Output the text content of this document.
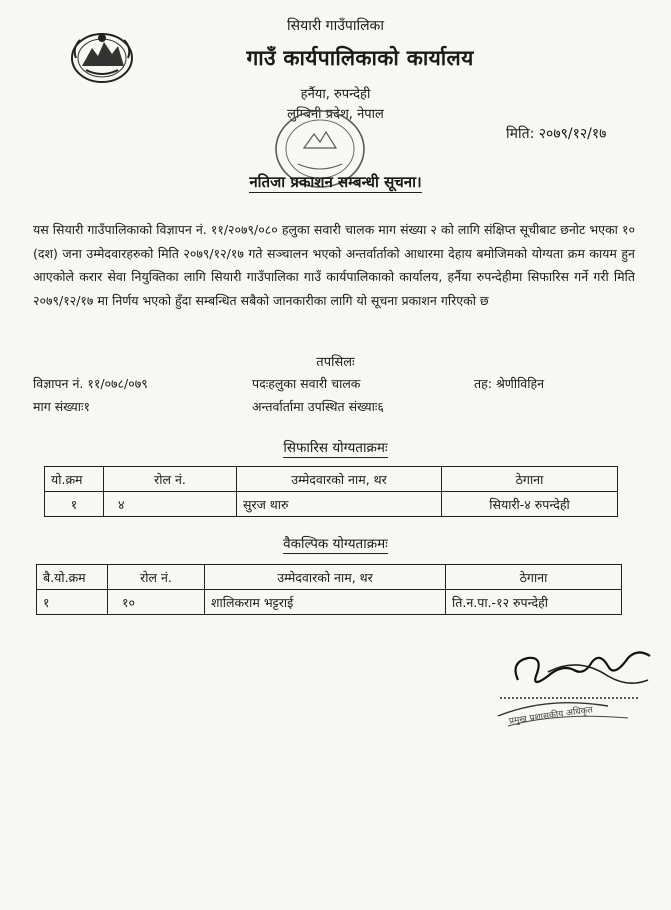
सियारी गाउँपालिका
गाउँ कार्यपालिकाको कार्यालय
हर्नैया, रुपन्देही
लुम्बिनी प्रदेश, नेपाल
मिति: २०७९/१२/१७
नतिजा प्रकाशन सम्बन्धी सूचना।
यस सियारी गाउँपालिकाको विज्ञापन नं. ११/२०७९/०८० हलुका सवारी चालक माग संख्या २ को लागि संक्षिप्त सूचीबाट छनोट भएका १० (दश) जना उम्मेदवारहरुको मिति २०७९/१२/१७ गते सञ्चालन भएको अन्तर्वार्ताको आधारमा देहाय बमोजिमको योग्यता क्रम कायम हुन आएकोले करार सेवा नियुक्तिका लागि सियारी गाउँपालिका गाउँ कार्यपालिकाको कार्यालय, हर्नैया रुपन्देहीमा सिफारिस गर्ने गरी मिति २०७९/१२/१७ मा निर्णय भएको हुँदा सम्बन्धित सबैको जानकारीका लागि यो सूचना प्रकाशन गरिएको छ
तपसिलः
विज्ञापन नं. ११/०७८/०७९	पदःहलुका सवारी चालक	तह: श्रेणीविहिन
माग संख्याः१	अन्तर्वार्तामा उपस्थित संख्याः६
सिफारिस योग्यताक्रमः
यो.क्रम	रोल नं.	उम्मेदवारको नाम, थर	ठेगाना
१	४	सुरज थारु	सियारी-४ रुपन्देही
वैकल्पिक योग्यताक्रमः
बै.यो.क्रम	रोल नं.	उम्मेदवारको नाम, थर	ठेगाना
१	१०	शालिकराम भट्टराई	ति.न.पा.-१२ रुपन्देही
प्रमुख प्रशासकीय अधिकृत
